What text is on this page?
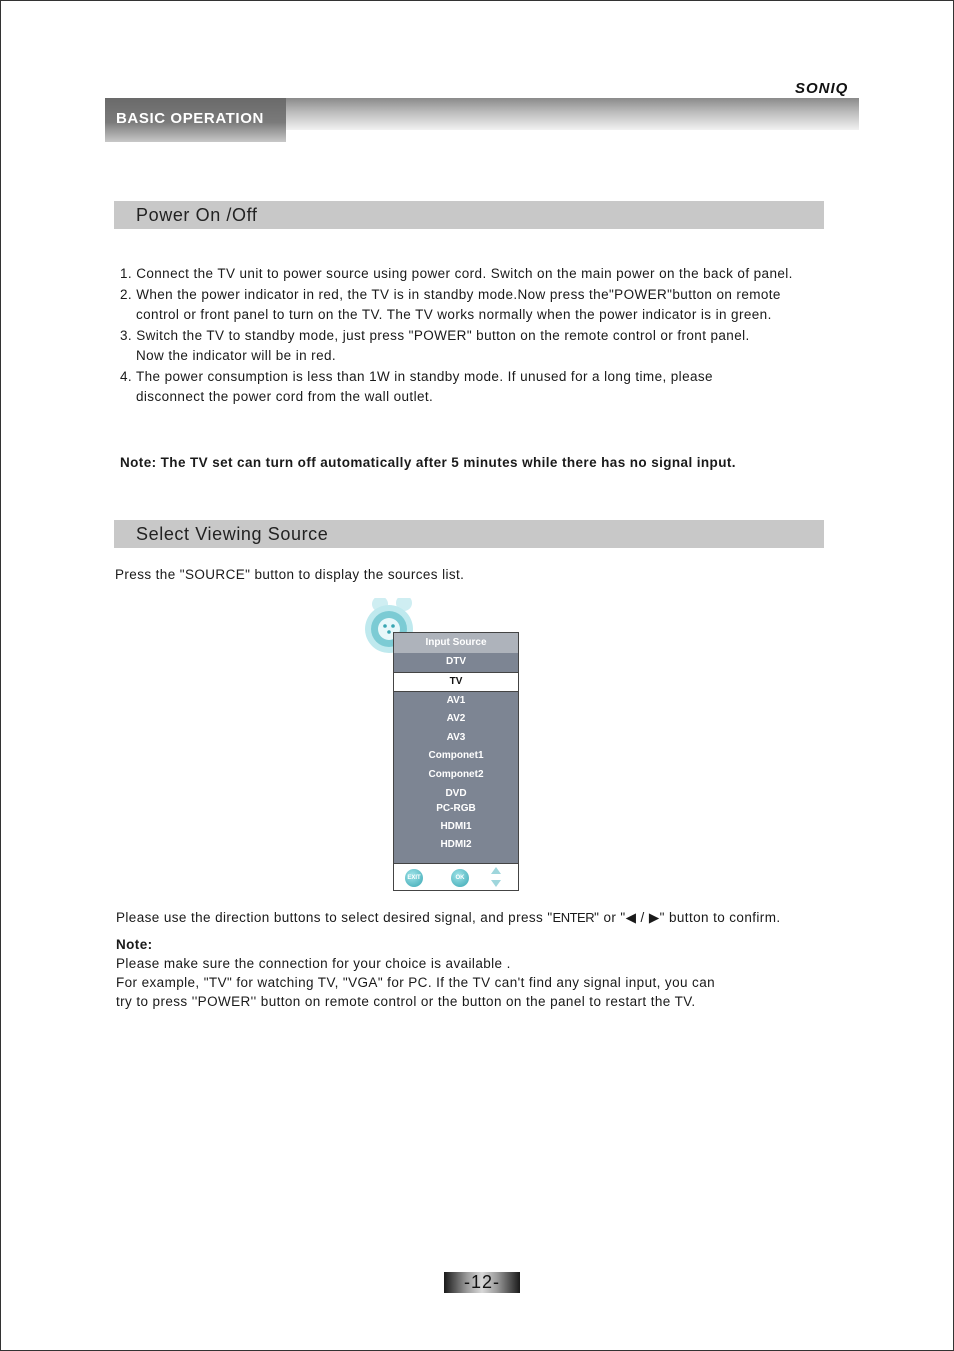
SONIQ
BASIC OPERATION
Power On /Off
1. Connect the TV unit to power source using power cord. Switch on the main power on the back of panel.
2. When the power indicator in red, the TV is in standby mode.Now press the"POWER"button on remote
control or front panel to turn on the TV. The TV works normally when the power indicator is in green.
3. Switch the TV to standby mode, just press "POWER" button on the remote control or front panel.
Now the indicator will be in red.
4. The power consumption is less than 1W in standby mode. If unused for a long time, please
disconnect the power cord from the wall outlet.
Note: The TV set can turn off automatically after 5 minutes while there has no signal input.
Select Viewing Source
Press the "SOURCE" button to display the sources list.
Input Source
DTV
TV
AV1
AV2
AV3
Componet1
Componet2
DVD
PC-RGB
HDMI1
HDMI2
EXIT	OK
Please use the direction buttons to select desired signal, and press "ENTER" or "◀ / ▶" button to confirm.
Note:
Please make sure the connection for your choice is available .
For example, "TV" for watching TV, "VGA" for PC. If the TV can't find any signal input, you can
try to press ''POWER'' button on remote control or the button on the panel to restart the TV.
-12-
